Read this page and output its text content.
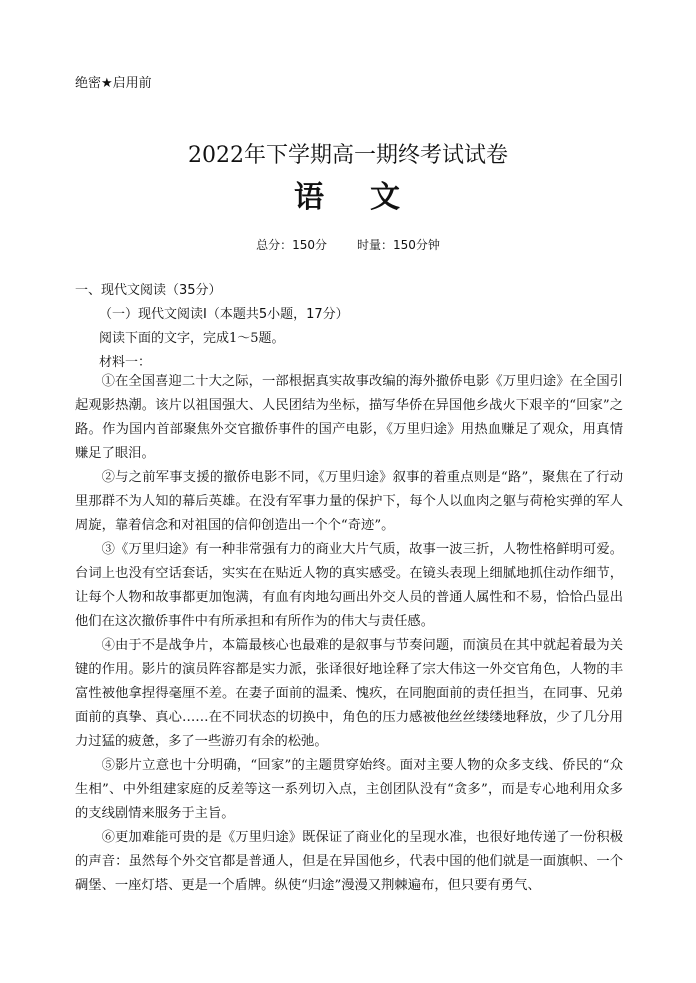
绝密★启用前
2022年下学期高一期终考试试卷
语 文
总分：150分	时量：150分钟
一、现代文阅读（35分）
（一）现代文阅读Ⅰ（本题共5小题，17分）
阅读下面的文字，完成1～5题。
材料一：

①在全国喜迎二十大之际，一部根据真实故事改编的海外撤侨电影《万里归途》在全国引起观影热潮。该片以祖国强大、人民团结为坐标，描写华侨在异国他乡战火下艰辛的“回家”之路。作为国内首部聚焦外交官撤侨事件的国产电影，《万里归途》用热血赚足了观众，用真情赚足了眼泪。

②与之前军事支援的撤侨电影不同，《万里归途》叙事的着重点则是“路”，聚焦在了行动里那群不为人知的幕后英雄。在没有军事力量的保护下，每个人以血肉之躯与荷枪实弹的军人周旋，靠着信念和对祖国的信仰创造出一个个“奇迹”。

③《万里归途》有一种非常强有力的商业大片气质，故事一波三折，人物性格鲜明可爱。台词上也没有空话套话，实实在在贴近人物的真实感受。在镜头表现上细腻地抓住动作细节，让每个人物和故事都更加饱满，有血有肉地勾画出外交人员的普通人属性和不易，恰恰凸显出他们在这次撤侨事件中有所承担和有所作为的伟大与责任感。

④由于不是战争片，本篇最核心也最难的是叙事与节奏问题，而演员在其中就起着最为关键的作用。影片的演员阵容都是实力派，张译很好地诠释了宗大伟这一外交官角色，人物的丰富性被他拿捏得毫厘不差。在妻子面前的温柔、愧疚，在同胞面前的责任担当，在同事、兄弟面前的真挚、真心……在不同状态的切换中，角色的压力感被他丝丝缕缕地释放，少了几分用力过猛的疲惫，多了一些游刃有余的松弛。

⑤影片立意也十分明确，“回家”的主题贯穿始终。面对主要人物的众多支线、侨民的“众生相”、中外组建家庭的反差等这一系列切入点，主创团队没有“贪多”，而是专心地利用众多的支线剧情来服务于主旨。

⑥更加难能可贵的是《万里归途》既保证了商业化的呈现水准，也很好地传递了一份积极的声音：虽然每个外交官都是普通人，但是在异国他乡，代表中国的他们就是一面旗帜、一个碉堡、一座灯塔、更是一个盾牌。纵使“归途”漫漫又荆棘遍布，但只要有勇气、
